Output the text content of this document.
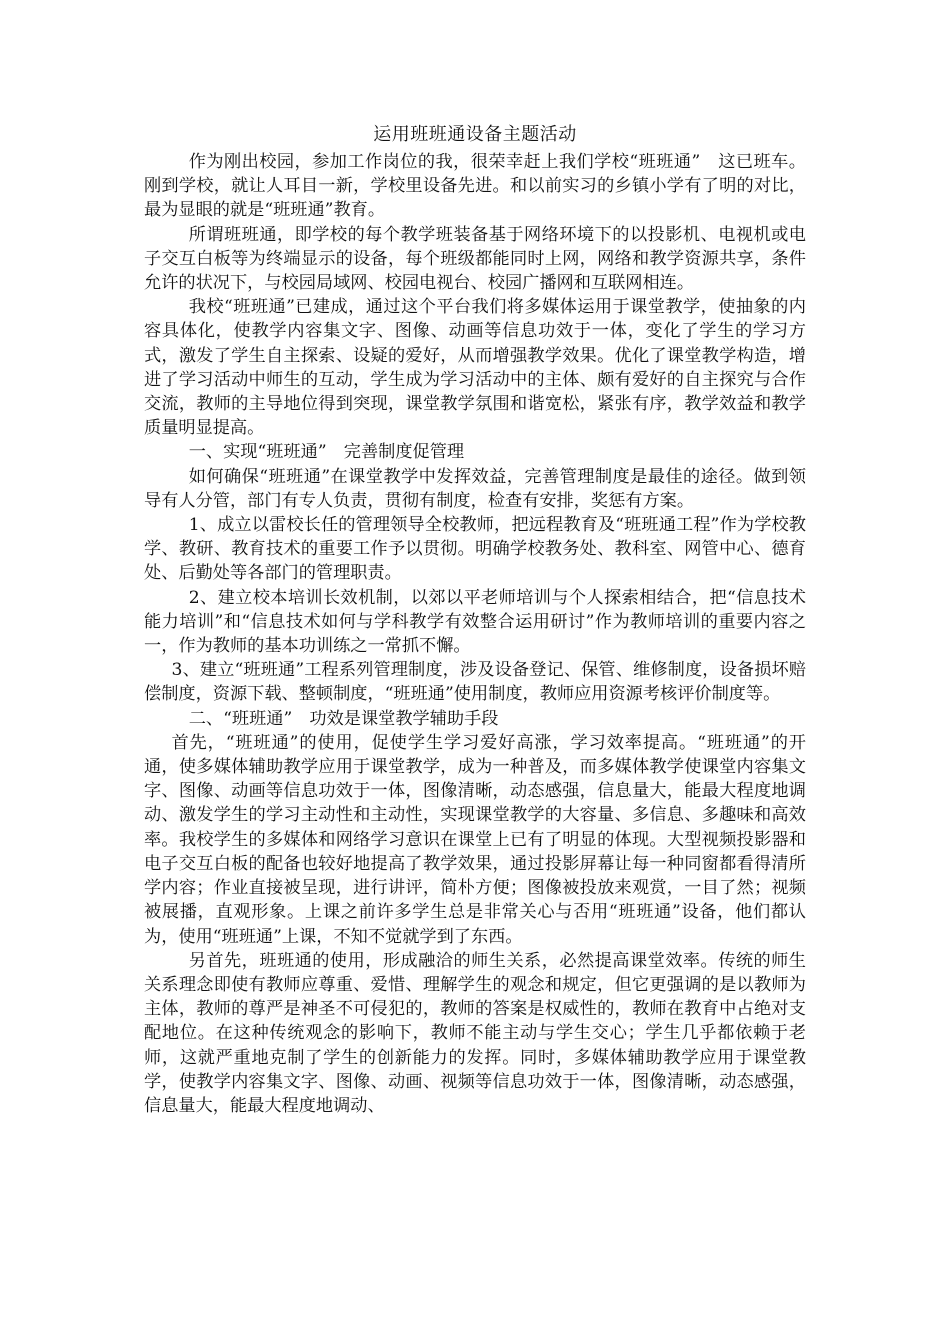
运用班班通设备主题活动

作为刚出校园，参加工作岗位的我，很荣幸赶上我们学校“班班通”　这已班车。刚到学校，就让人耳目一新，学校里设备先进。和以前实习的乡镇小学有了明的对比，最为显眼的就是“班班通”教育。

所谓班班通，即学校的每个教学班装备基于网络环境下的以投影机、电视机或电子交互白板等为终端显示的设备，每个班级都能同时上网，网络和教学资源共享，条件允许的状况下，与校园局域网、校园电视台、校园广播网和互联网相连。

我校“班班通”已建成，通过这个平台我们将多媒体运用于课堂教学，使抽象的内容具体化，使教学内容集文字、图像、动画等信息功效于一体，变化了学生的学习方式，激发了学生自主探索、设疑的爱好，从而增强教学效果。优化了课堂教学构造，增进了学习活动中师生的互动，学生成为学习活动中的主体、颇有爱好的自主探究与合作交流，教师的主导地位得到突现，课堂教学氛围和谐宽松，紧张有序，教学效益和教学质量明显提高。

一、实现“班班通”　完善制度促管理

如何确保“班班通”在课堂教学中发挥效益，完善管理制度是最佳的途径。做到领导有人分管，部门有专人负责，贯彻有制度，检查有安排，奖惩有方案。

1、成立以雷校长任的管理领导全校教师，把远程教育及“班班通工程”作为学校教学、教研、教育技术的重要工作予以贯彻。明确学校教务处、教科室、网管中心、德育处、后勤处等各部门的管理职责。

2、建立校本培训长效机制，以郊以平老师培训与个人探索相结合，把“信息技术能力培训”和“信息技术如何与学科教学有效整合运用研讨”作为教师培训的重要内容之一，作为教师的基本功训练之一常抓不懈。

3、建立“班班通”工程系列管理制度，涉及设备登记、保管、维修制度，设备损坏赔偿制度，资源下载、整顿制度，“班班通”使用制度，教师应用资源考核评价制度等。

二、“班班通”　功效是课堂教学辅助手段

首先，“班班通”的使用，促使学生学习爱好高涨，学习效率提高。“班班通”的开通，使多媒体辅助教学应用于课堂教学，成为一种普及，而多媒体教学使课堂内容集文字、图像、动画等信息功效于一体，图像清晰，动态感强，信息量大，能最大程度地调动、激发学生的学习主动性和主动性，实现课堂教学的大容量、多信息、多趣味和高效率。我校学生的多媒体和网络学习意识在课堂上已有了明显的体现。大型视频投影器和电子交互白板的配备也较好地提高了教学效果，通过投影屏幕让每一种同窗都看得清所学内容；作业直接被呈现，进行讲评，简朴方便；图像被投放来观赏，一目了然；视频被展播，直观形象。上课之前许多学生总是非常关心与否用“班班通”设备，他们都认为，使用“班班通”上课，不知不觉就学到了东西。

另首先，班班通的使用，形成融洽的师生关系，必然提高课堂效率。传统的师生关系理念即使有教师应尊重、爱惜、理解学生的观念和规定，但它更强调的是以教师为主体，教师的尊严是神圣不可侵犯的，教师的答案是权威性的，教师在教育中占绝对支配地位。在这种传统观念的影响下，教师不能主动与学生交心；学生几乎都依赖于老师，这就严重地克制了学生的创新能力的发挥。同时，多媒体辅助教学应用于课堂教学，使教学内容集文字、图像、动画、视频等信息功效于一体，图像清晰，动态感强，信息量大，能最大程度地调动、
